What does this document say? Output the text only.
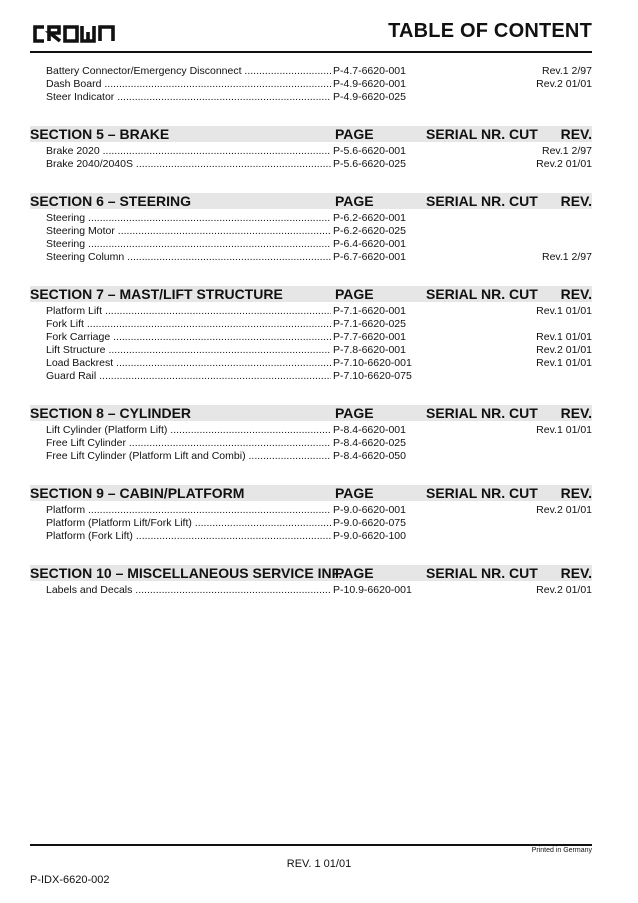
TABLE OF CONTENT
Battery Connector/Emergency Disconnect .....	P-4.7-6620-001	Rev.1 2/97
Dash Board .....	P-4.9-6620-001	Rev.2 01/01
Steer Indicator .....	P-4.9-6620-025
SECTION 5 – BRAKE	PAGE	SERIAL NR. CUT REV.
Brake 2020 .....	P-5.6-6620-001	Rev.1 2/97
Brake 2040/2040S .....	P-5.6-6620-025	Rev.2 01/01
SECTION 6 – STEERING	PAGE	SERIAL NR. CUT REV.
Steering .....	P-6.2-6620-001
Steering Motor .....	P-6.2-6620-025
Steering .....	P-6.4-6620-001
Steering Column .....	P-6.7-6620-001	Rev.1 2/97
SECTION 7 – MAST/LIFT STRUCTURE	PAGE	SERIAL NR. CUT REV.
Platform Lift .....	P-7.1-6620-001	Rev.1 01/01
Fork Lift .....	P-7.1-6620-025
Fork Carriage .....	P-7.7-6620-001	Rev.1 01/01
Lift Structure .....	P-7.8-6620-001	Rev.2 01/01
Load Backrest .....	P-7.10-6620-001	Rev.1 01/01
Guard Rail .....	P-7.10-6620-075
SECTION 8 – CYLINDER	PAGE	SERIAL NR. CUT REV.
Lift Cylinder (Platform Lift) .....	P-8.4-6620-001	Rev.1 01/01
Free Lift Cylinder .....	P-8.4-6620-025
Free Lift Cylinder (Platform Lift and Combi) .....	P-8.4-6620-050
SECTION 9 – CABIN/PLATFORM	PAGE	SERIAL NR. CUT REV.
Platform .....	P-9.0-6620-001	Rev.2 01/01
Platform (Platform Lift/Fork Lift) .....	P-9.0-6620-075
Platform (Fork Lift) .....	P-9.0-6620-100
SECTION 10 – MISCELLANEOUS SERVICE INF.
PAGE	SERIAL NR. CUT REV.
Labels and Decals .....	P-10.9-6620-001	Rev.2 01/01
Printed in Germany
REV. 1 01/01
P-IDX-6620-002
